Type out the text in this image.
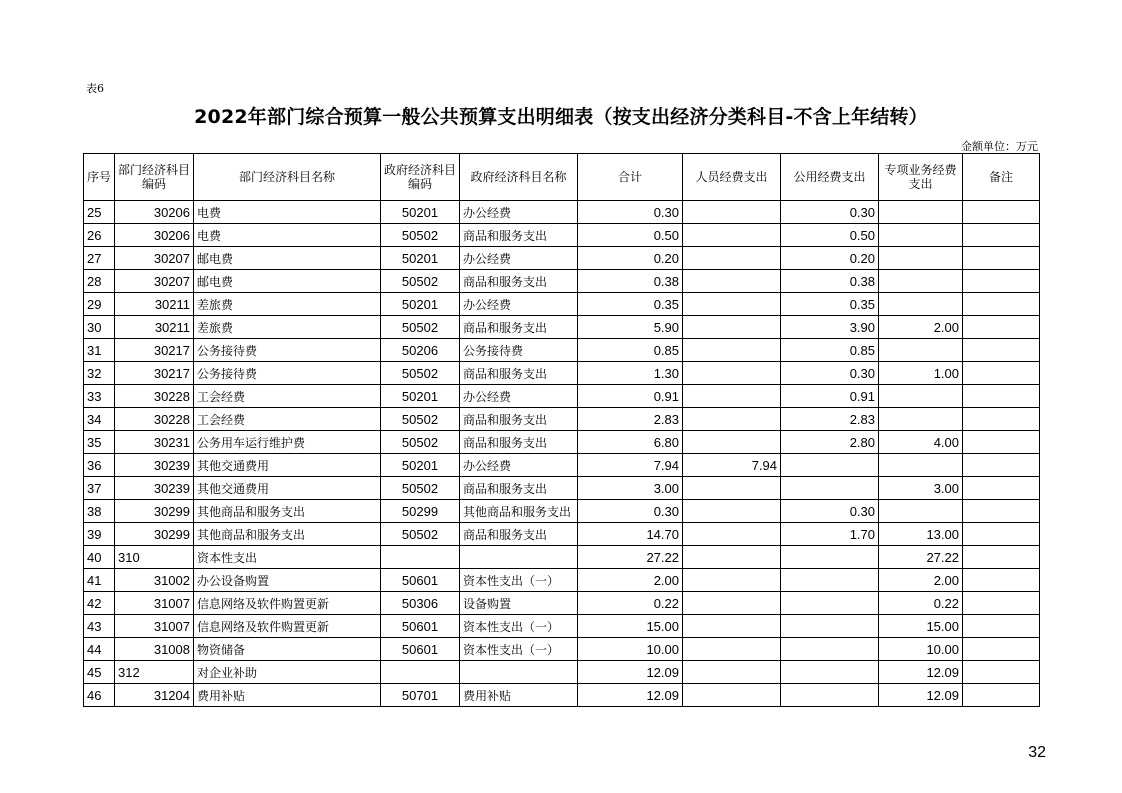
表6
2022年部门综合预算一般公共预算支出明细表（按支出经济分类科目-不含上年结转）
金额单位：万元
序号	部门经济科目编码	部门经济科目名称	政府经济科目编码	政府经济科目名称	合计	人员经费支出	公用经费支出	专项业务经费支出	备注
25	30206	电费	50201	办公经费	0.30		0.30		
26	30206	电费	50502	商品和服务支出	0.50		0.50		
27	30207	邮电费	50201	办公经费	0.20		0.20		
28	30207	邮电费	50502	商品和服务支出	0.38		0.38		
29	30211	差旅费	50201	办公经费	0.35		0.35		
30	30211	差旅费	50502	商品和服务支出	5.90		3.90	2.00	
31	30217	公务接待费	50206	公务接待费	0.85		0.85		
32	30217	公务接待费	50502	商品和服务支出	1.30		0.30	1.00	
33	30228	工会经费	50201	办公经费	0.91		0.91		
34	30228	工会经费	50502	商品和服务支出	2.83		2.83		
35	30231	公务用车运行维护费	50502	商品和服务支出	6.80		2.80	4.00	
36	30239	其他交通费用	50201	办公经费	7.94	7.94			
37	30239	其他交通费用	50502	商品和服务支出	3.00			3.00	
38	30299	其他商品和服务支出	50299	其他商品和服务支出	0.30		0.30		
39	30299	其他商品和服务支出	50502	商品和服务支出	14.70		1.70	13.00	
40	310	资本性支出			27.22			27.22	
41	31002	办公设备购置	50601	资本性支出（一）	2.00			2.00	
42	31007	信息网络及软件购置更新	50306	设备购置	0.22			0.22	
43	31007	信息网络及软件购置更新	50601	资本性支出（一）	15.00			15.00	
44	31008	物资储备	50601	资本性支出（一）	10.00			10.00	
45	312	对企业补助			12.09			12.09	
46	31204	费用补贴	50701	费用补贴	12.09			12.09	
32
